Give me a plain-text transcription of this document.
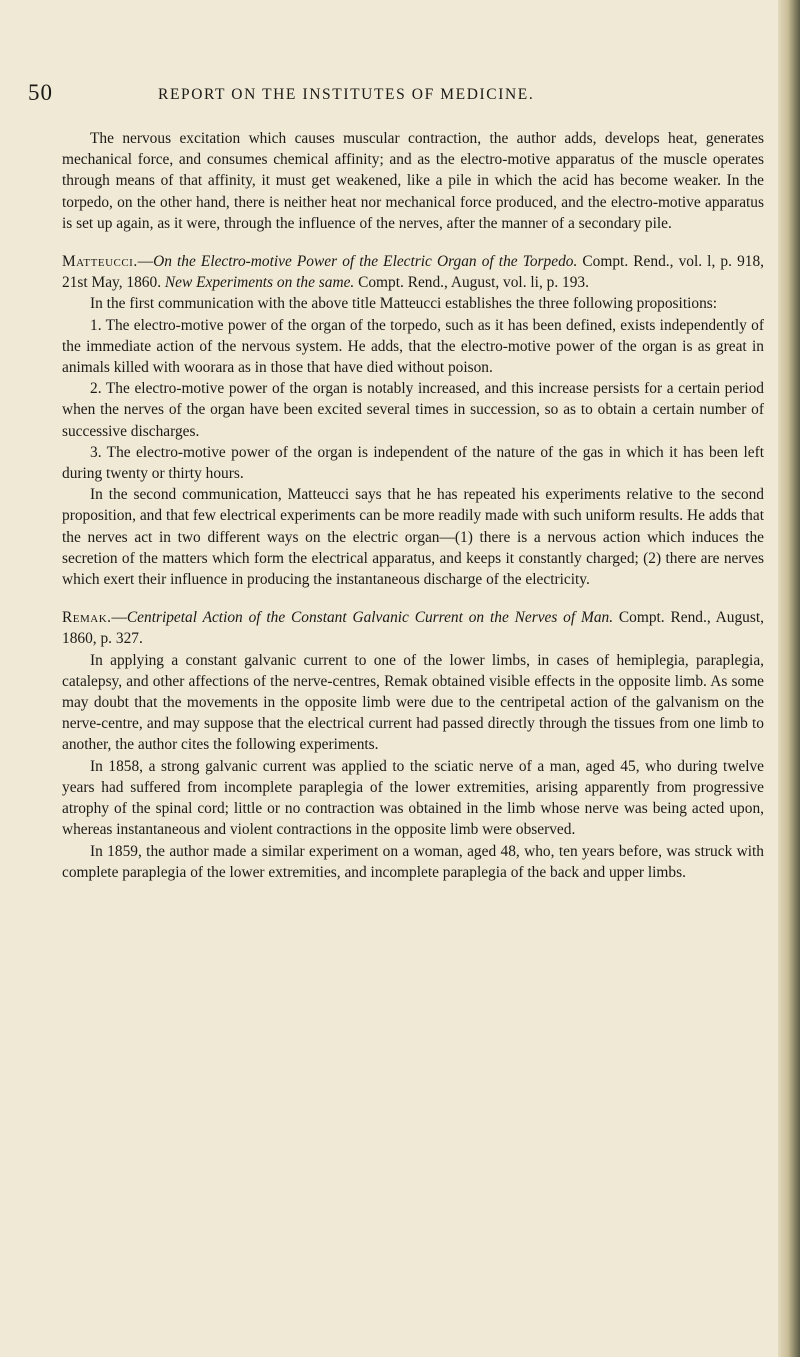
50	REPORT ON THE INSTITUTES OF MEDICINE.

The nervous excitation which causes muscular contraction, the author adds, develops heat, generates mechanical force, and consumes chemical affinity; and as the electro-motive apparatus of the muscle operates through means of that affinity, it must get weakened, like a pile in which the acid has become weaker. In the torpedo, on the other hand, there is neither heat nor mechanical force produced, and the electro-motive apparatus is set up again, as it were, through the influence of the nerves, after the manner of a secondary pile.

Matteucci.—On the Electro-motive Power of the Electric Organ of the Torpedo. Compt. Rend., vol. l, p. 918, 21st May, 1860. New Experiments on the same. Compt. Rend., August, vol. li, p. 193.

In the first communication with the above title Matteucci establishes the three following propositions:

1. The electro-motive power of the organ of the torpedo, such as it has been defined, exists independently of the immediate action of the nervous system. He adds, that the electro-motive power of the organ is as great in animals killed with woorara as in those that have died without poison.

2. The electro-motive power of the organ is notably increased, and this increase persists for a certain period when the nerves of the organ have been excited several times in succession, so as to obtain a certain number of successive discharges.

3. The electro-motive power of the organ is independent of the nature of the gas in which it has been left during twenty or thirty hours.

In the second communication, Matteucci says that he has repeated his experiments relative to the second proposition, and that few electrical experiments can be more readily made with such uniform results. He adds that the nerves act in two different ways on the electric organ—(1) there is a nervous action which induces the secretion of the matters which form the electrical apparatus, and keeps it constantly charged; (2) there are nerves which exert their influence in producing the instantaneous discharge of the electricity.

Remak.—Centripetal Action of the Constant Galvanic Current on the Nerves of Man. Compt. Rend., August, 1860, p. 327.

In applying a constant galvanic current to one of the lower limbs, in cases of hemiplegia, paraplegia, catalepsy, and other affections of the nerve-centres, Remak obtained visible effects in the opposite limb. As some may doubt that the movements in the opposite limb were due to the centripetal action of the galvanism on the nerve-centre, and may suppose that the electrical current had passed directly through the tissues from one limb to another, the author cites the following experiments.

In 1858, a strong galvanic current was applied to the sciatic nerve of a man, aged 45, who during twelve years had suffered from incomplete paraplegia of the lower extremities, arising apparently from progressive atrophy of the spinal cord; little or no contraction was obtained in the limb whose nerve was being acted upon, whereas instantaneous and violent contractions in the opposite limb were observed.

In 1859, the author made a similar experiment on a woman, aged 48, who, ten years before, was struck with complete paraplegia of the lower extremities, and incomplete paraplegia of the back and upper limbs.
